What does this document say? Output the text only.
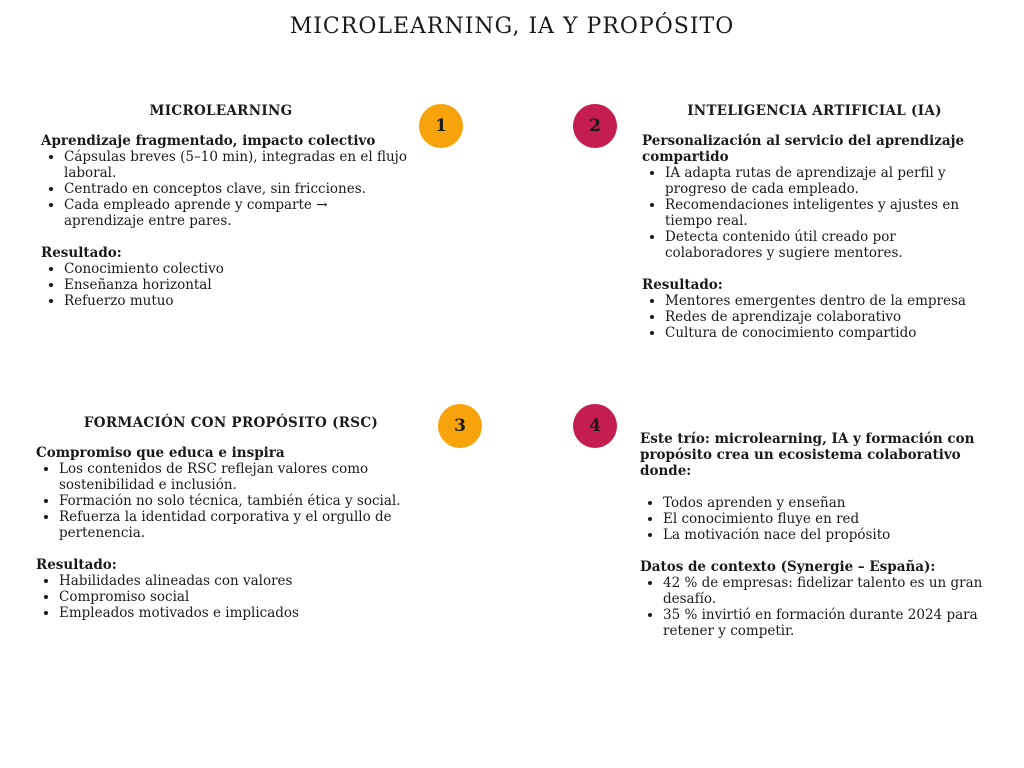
MICROLEARNING, IA Y PROPÓSITO
1	2
3	4
MICROLEARNING

Aprendizaje fragmentado, impacto colectivo

• Cápsulas breves (5–10 min), integradas en el flujo laboral.
• Centrado en conceptos clave, sin fricciones.
• Cada empleado aprende y comparte → aprendizaje entre pares.

Resultado:

• Conocimiento colectivo
• Enseñanza horizontal
• Refuerzo mutuo
INTELIGENCIA ARTIFICIAL (IA)

Personalización al servicio del aprendizaje compartido

• IA adapta rutas de aprendizaje al perfil y progreso de cada empleado.
• Recomendaciones inteligentes y ajustes en tiempo real.
• Detecta contenido útil creado por colaboradores y sugiere mentores.

Resultado:

• Mentores emergentes dentro de la empresa
• Redes de aprendizaje colaborativo
• Cultura de conocimiento compartido
FORMACIÓN CON PROPÓSITO (RSC)

Compromiso que educa e inspira

• Los contenidos de RSC reflejan valores como sostenibilidad e inclusión.
• Formación no solo técnica, también ética y social.
• Refuerza la identidad corporativa y el orgullo de pertenencia.

Resultado:

• Habilidades alineadas con valores
• Compromiso social
• Empleados motivados e implicados

Este trío: microlearning, IA y formación con propósito crea un ecosistema colaborativo donde:

• Todos aprenden y enseñan
• El conocimiento fluye en red
• La motivación nace del propósito

Datos de contexto (Synergie – España):

• 42 % de empresas: fidelizar talento es un gran desafío.
• 35 % invirtió en formación durante 2024 para retener y competir.
